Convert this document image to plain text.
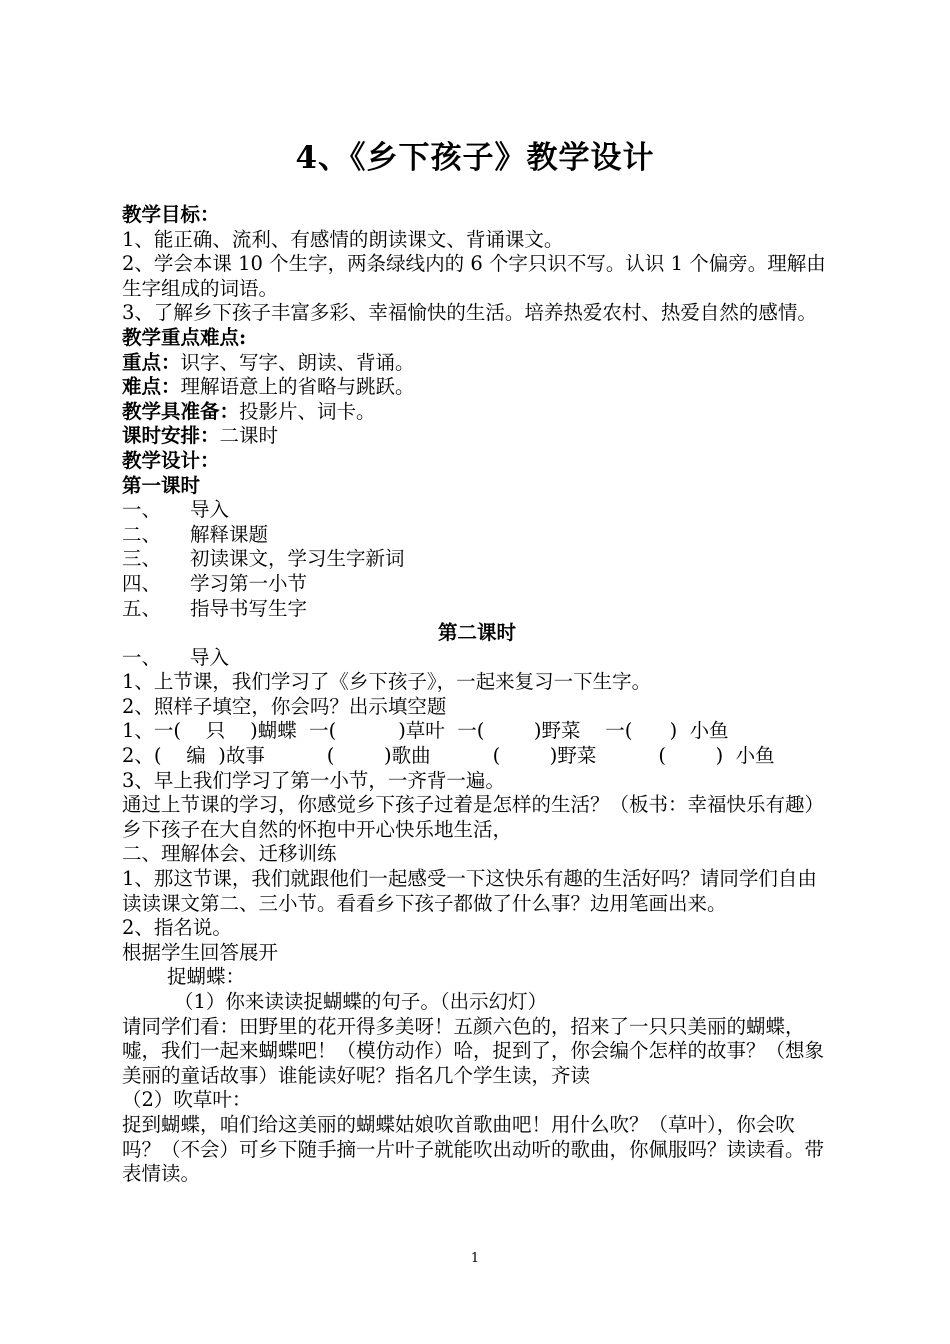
4、《乡下孩子》教学设计
教学目标：
1、能正确、流利、有感情的朗读课文、背诵课文。
2、学会本课 10 个生字，两条绿线内的 6 个字只识不写。认识 1 个偏旁。理解由生字组成的词语。
3、了解乡下孩子丰富多彩、幸福愉快的生活。培养热爱农村、热爱自然的感情。
教学重点难点:
重点：识字、写字、朗读、背诵。
难点：理解语意上的省略与跳跃。
教学具准备：投影片、词卡。
课时安排：二课时
教学设计：
第一课时
一、 导入
二、 解释课题
三、 初读课文，学习生字新词
四、 学习第一小节
五、 指导书写生字
第二课时
一、 导入
1、上节课，我们学习了《乡下孩子》，一起来复习一下生字。
2、照样子填空，你会吗？出示填空题
1、一(    只    )蝴蝶  一(          )草叶  一(        )野菜    一(      )  小鱼
2、(    编  )故事          (        )歌曲          (        )野菜          (        )  小鱼
3、早上我们学习了第一小节，一齐背一遍。
通过上节课的学习，你感觉乡下孩子过着是怎样的生活？（板书：幸福快乐有趣）乡下孩子在大自然的怀抱中开心快乐地生活，
二、理解体会、迁移训练
1、那这节课，我们就跟他们一起感受一下这快乐有趣的生活好吗？请同学们自由读读课文第二、三小节。看看乡下孩子都做了什么事？边用笔画出来。
2、指名说。
根据学生回答展开
捉蝴蝶：
（1）你来读读捉蝴蝶的句子。（出示幻灯）
请同学们看：田野里的花开得多美呀！五颜六色的，招来了一只只美丽的蝴蝶，嘘，我们一起来蝴蝶吧！（模仿动作）哈，捉到了，你会编个怎样的故事？（想象美丽的童话故事）谁能读好呢？指名几个学生读，齐读
（2）吹草叶：
捉到蝴蝶，咱们给这美丽的蝴蝶姑娘吹首歌曲吧！用什么吹？（草叶），你会吹吗？（不会）可乡下随手摘一片叶子就能吹出动听的歌曲，你佩服吗？读读看。带表情读。
1
